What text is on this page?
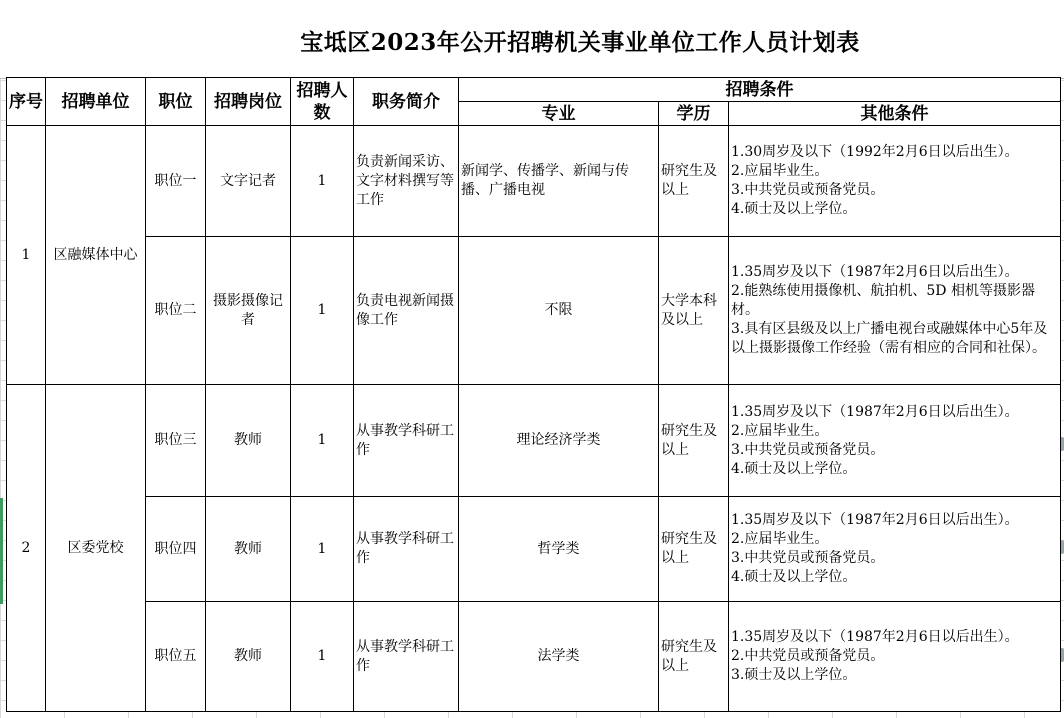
宝坻区2023年公开招聘机关事业单位工作人员计划表
序号	招聘单位	职位	招聘岗位	招聘人数	职务简介	招聘条件		
						专业	学历	其他条件
1	区融媒体中心	职位一	文字记者	1	负责新闻采访、文字材料撰写等工作	新闻学、传播学、新闻与传播、广播电视	研究生及以上	1.30周岁及以下（1992年2月6日以后出生）。
2.应届毕业生。
3.中共党员或预备党员。
4.硕士及以上学位。

		职位二	摄影摄像记者	1	负责电视新闻摄像工作	不限	大学本科及以上	1.35周岁及以下（1987年2月6日以后出生）。
2.能熟练使用摄像机、航拍机、5D 相机等摄影器材。
3.具有区县级及以上广播电视台或融媒体中心5年及以上摄影摄像工作经验（需有相应的合同和社保）。

2	区委党校	职位三	教师	1	从事教学科研工作	理论经济学类	研究生及以上	1.35周岁及以下（1987年2月6日以后出生）。
2.应届毕业生。
3.中共党员或预备党员。
4.硕士及以上学位。

		职位四	教师	1	从事教学科研工作	哲学类	研究生及以上	1.35周岁及以下（1987年2月6日以后出生）。
2.应届毕业生。
3.中共党员或预备党员。
4.硕士及以上学位。

		职位五	教师	1	从事教学科研工作	法学类	研究生及以上	1.35周岁及以下（1987年2月6日以后出生）。
2.中共党员或预备党员。
3.硕士及以上学位。
